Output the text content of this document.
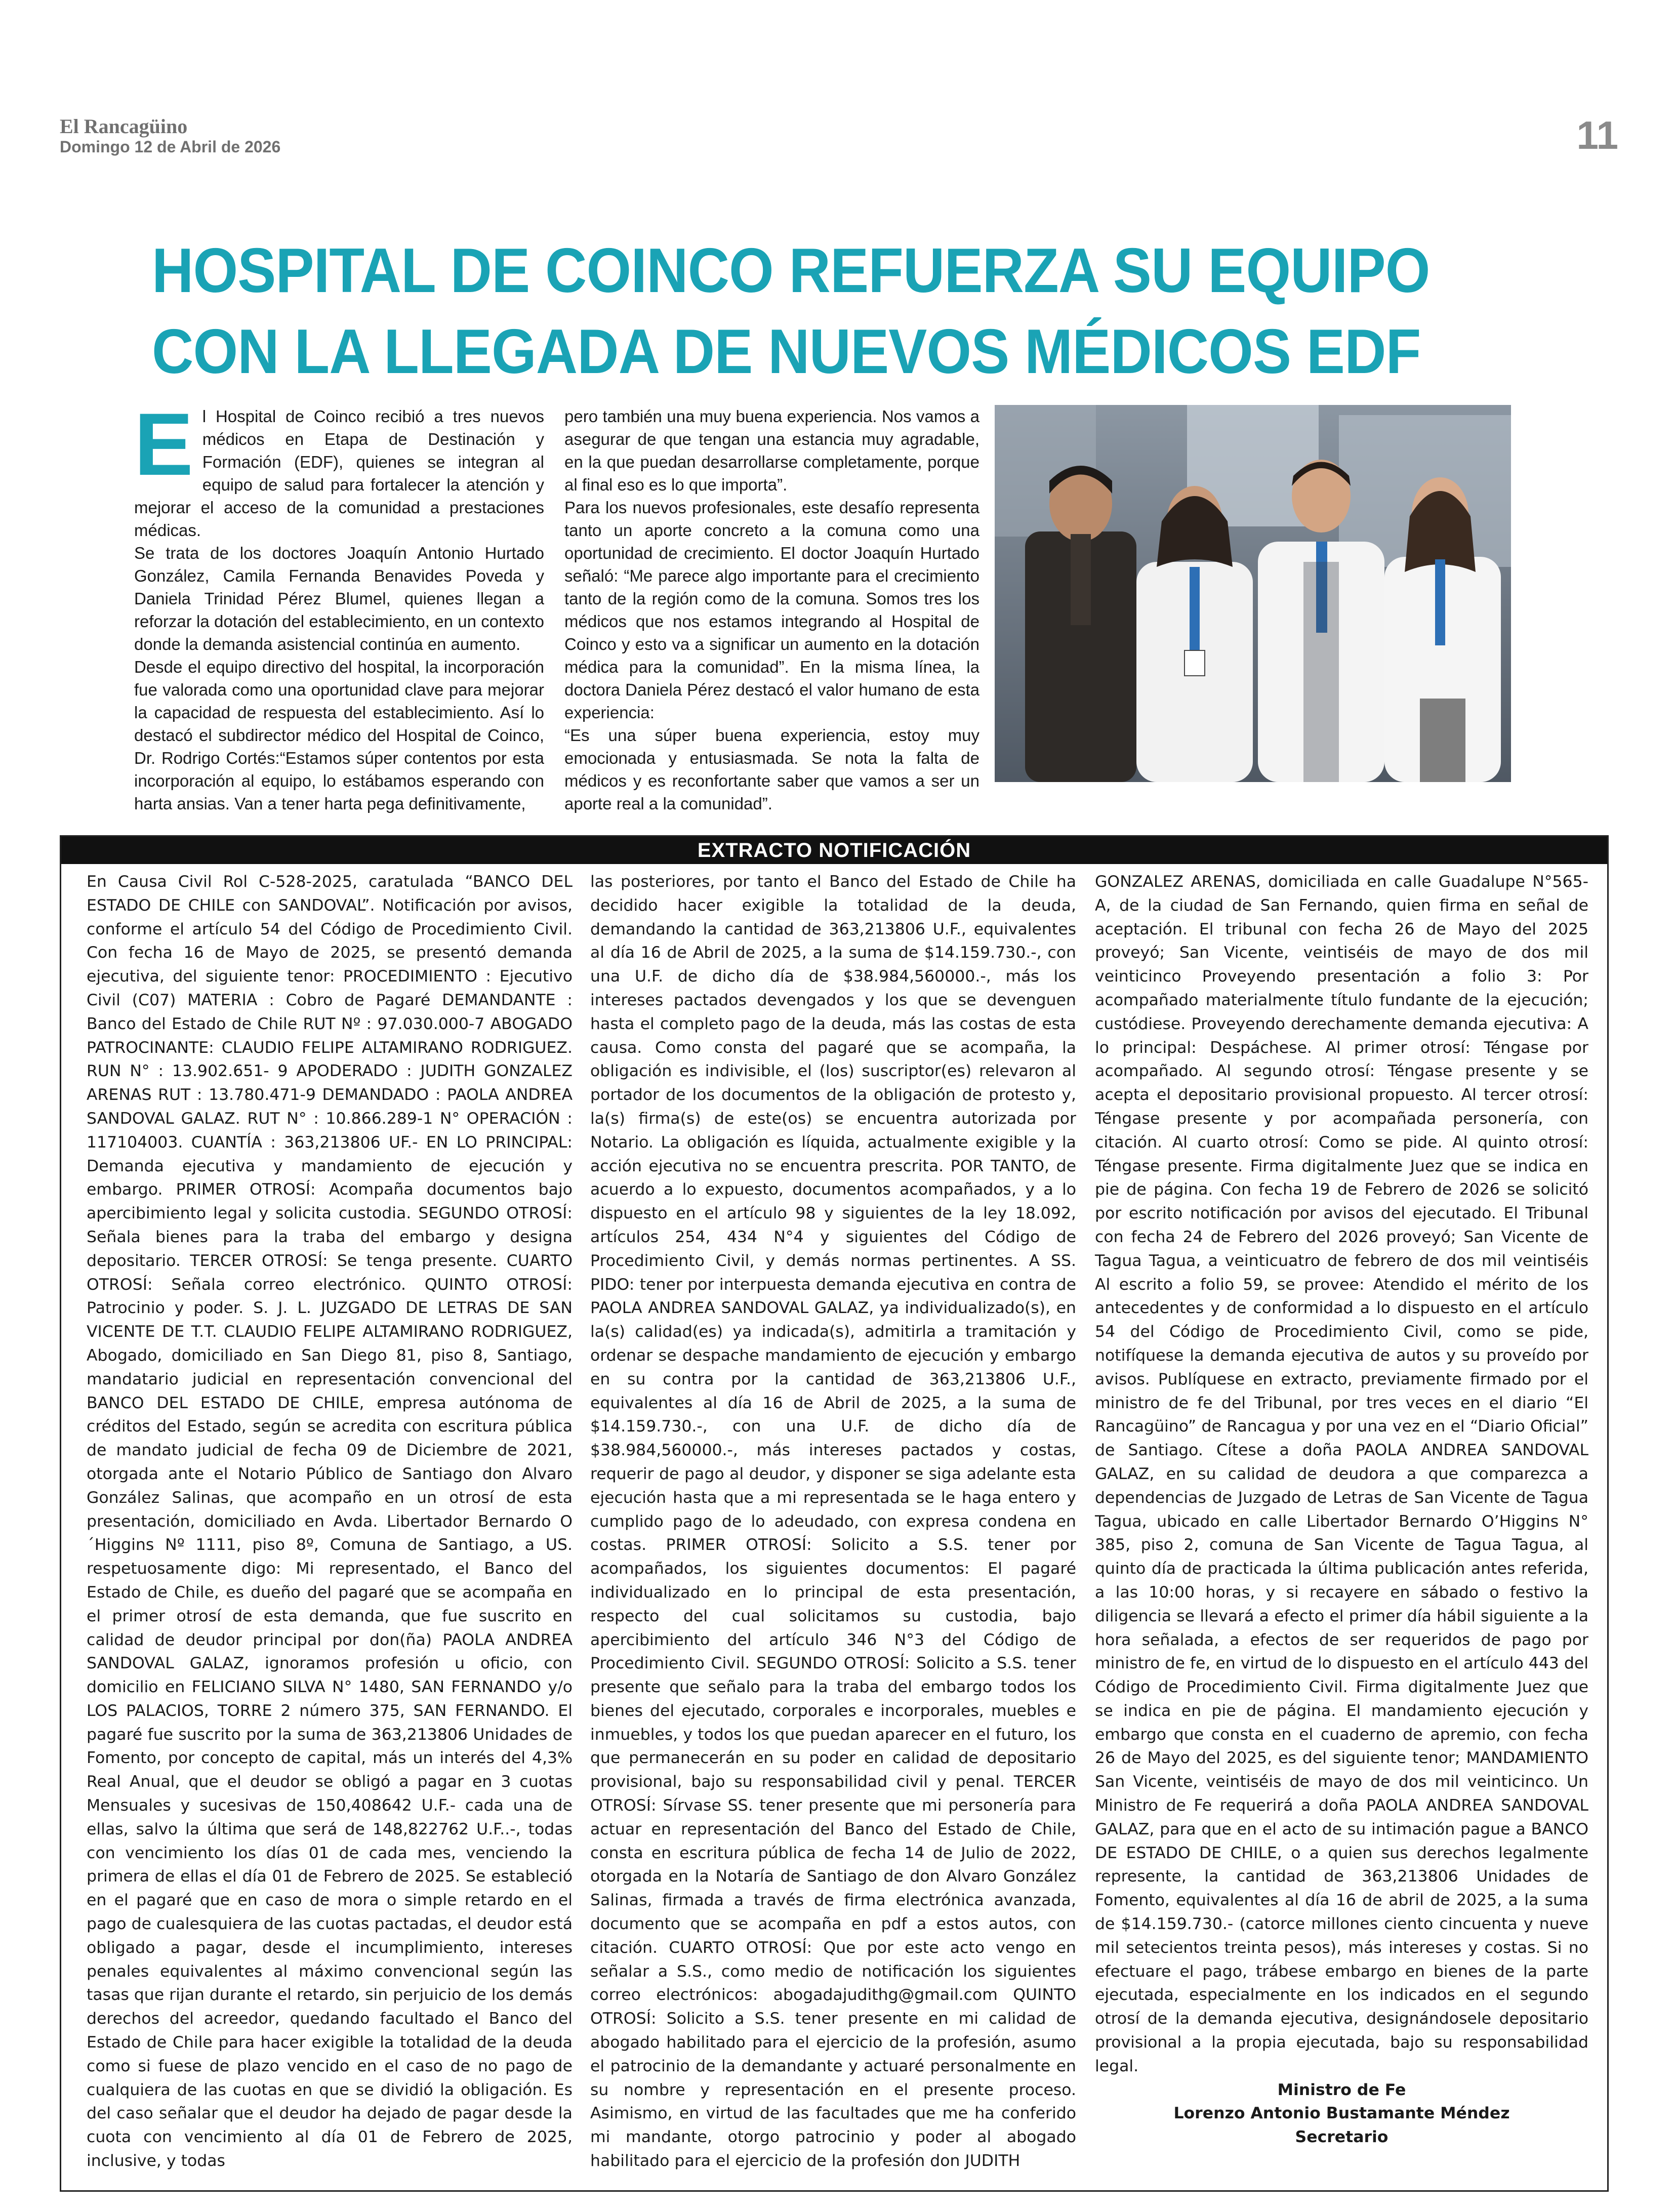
El Rancagüino
Domingo 12 de Abril de 2026	11
HOSPITAL DE COINCO REFUERZA SU EQUIPO
CON LA LLEGADA DE NUEVOS MÉDICOS EDF
E l Hospital de Coinco recibió a tres nuevos médicos en Etapa de Destinación y Formación (EDF), quienes se integran al equipo de salud para fortalecer la atención y mejorar el acceso de la comunidad a prestaciones médicas.

Se trata de los doctores Joaquín Antonio Hurtado González, Camila Fernanda Benavides Poveda y Daniela Trinidad Pérez Blumel, quienes llegan a reforzar la dotación del establecimiento, en un contexto donde la demanda asistencial continúa en aumento.

Desde el equipo directivo del hospital, la incorporación fue valorada como una oportunidad clave para mejorar la capacidad de respuesta del establecimiento. Así lo destacó el subdirector médico del Hospital de Coinco, Dr. Rodrigo Cortés:“Estamos súper contentos por esta incorporación al equipo, lo estábamos esperando con harta ansias. Van a tener harta pega definitivamente,

pero también una muy buena experiencia. Nos vamos a asegurar de que tengan una estancia muy agradable, en la que puedan desarrollarse completamente, porque al final eso es lo que importa”.

Para los nuevos profesionales, este desafío representa tanto un aporte concreto a la comuna como una oportunidad de crecimiento. El doctor Joaquín Hurtado señaló: “Me parece algo importante para el crecimiento tanto de la región como de la comuna. Somos tres los médicos que nos estamos integrando al Hospital de Coinco y esto va a significar un aumento en la dotación médica para la comunidad”. En la misma línea, la doctora Daniela Pérez destacó el valor humano de esta experiencia:

“Es una súper buena experiencia, estoy muy emocionada y entusiasmada. Se nota la falta de médicos y es reconfortante saber que vamos a ser un aporte real a la comunidad”.

EXTRACTO NOTIFICACIÓN

En Causa Civil Rol C-528-2025, caratulada “BANCO DEL ESTADO DE CHILE con SANDOVAL”. Notificación por avisos, conforme el artículo 54 del Código de Procedimiento Civil. Con fecha 16 de Mayo de 2025, se presentó demanda ejecutiva, del siguiente tenor: PROCEDIMIENTO : Ejecutivo Civil (C07) MATERIA : Cobro de Pagaré DEMANDANTE : Banco del Estado de Chile RUT Nº : 97.030.000-7 ABOGADO PATROCINANTE: CLAUDIO FELIPE ALTAMIRANO RODRIGUEZ. RUN N° : 13.902.651- 9 APODERADO : JUDITH GONZALEZ ARENAS RUT : 13.780.471-9 DEMANDADO : PAOLA ANDREA SANDOVAL GALAZ. RUT N° : 10.866.289-1 N° OPERACIÓN : 117104003. CUANTÍA : 363,213806 UF.- EN LO PRINCIPAL: Demanda ejecutiva y mandamiento de ejecución y embargo. PRIMER OTROSÍ: Acompaña documentos bajo apercibimiento legal y solicita custodia. SEGUNDO OTROSÍ: Señala bienes para la traba del embargo y designa depositario. TERCER OTROSÍ: Se tenga presente. CUARTO OTROSÍ: Señala correo electrónico. QUINTO OTROSÍ: Patrocinio y poder. S. J. L. JUZGADO DE LETRAS DE SAN VICENTE DE T.T. CLAUDIO FELIPE ALTAMIRANO RODRIGUEZ, Abogado, domiciliado en San Diego 81, piso 8, Santiago, mandatario judicial en representación convencional del BANCO DEL ESTADO DE CHILE, empresa autónoma de créditos del Estado, según se acredita con escritura pública de mandato judicial de fecha 09 de Diciembre de 2021, otorgada ante el Notario Público de Santiago don Alvaro González Salinas, que acompaño en un otrosí de esta presentación, domiciliado en Avda. Libertador Bernardo O´Higgins Nº 1111, piso 8º, Comuna de Santiago, a US. respetuosamente digo: Mi representado, el Banco del Estado de Chile, es dueño del pagaré que se acompaña en el primer otrosí de esta demanda, que fue suscrito en calidad de deudor principal por don(ña) PAOLA ANDREA SANDOVAL GALAZ, ignoramos profesión u oficio, con domicilio en FELICIANO SILVA N° 1480, SAN FERNANDO y/o LOS PALACIOS, TORRE 2 número 375, SAN FERNANDO. El pagaré fue suscrito por la suma de 363,213806 Unidades de Fomento, por concepto de capital, más un interés del 4,3% Real Anual, que el deudor se obligó a pagar en 3 cuotas Mensuales y sucesivas de 150,408642 U.F.- cada una de ellas, salvo la última que será de 148,822762 U.F..-, todas con vencimiento los días 01 de cada mes, venciendo la primera de ellas el día 01 de Febrero de 2025. Se estableció en el pagaré que en caso de mora o simple retardo en el pago de cualesquiera de las cuotas pactadas, el deudor está obligado a pagar, desde el incumplimiento, intereses penales equivalentes al máximo convencional según las tasas que rijan durante el retardo, sin perjuicio de los demás derechos del acreedor, quedando facultado el Banco del Estado de Chile para hacer exigible la totalidad de la deuda como si fuese de plazo vencido en el caso de no pago de cualquiera de las cuotas en que se dividió la obligación. Es del caso señalar que el deudor ha dejado de pagar desde la cuota con vencimiento al día 01 de Febrero de 2025, inclusive, y todas

las posteriores, por tanto el Banco del Estado de Chile ha decidido hacer exigible la totalidad de la deuda, demandando la cantidad de 363,213806 U.F., equivalentes al día 16 de Abril de 2025, a la suma de $14.159.730.-, con una U.F. de dicho día de $38.984,560000.-, más los intereses pactados devengados y los que se devenguen hasta el completo pago de la deuda, más las costas de esta causa. Como consta del pagaré que se acompaña, la obligación es indivisible, el (los) suscriptor(es) relevaron al portador de los documentos de la obligación de protesto y, la(s) firma(s) de este(os) se encuentra autorizada por Notario. La obligación es líquida, actualmente exigible y la acción ejecutiva no se encuentra prescrita. POR TANTO, de acuerdo a lo expuesto, documentos acompañados, y a lo dispuesto en el artículo 98 y siguientes de la ley 18.092, artículos 254, 434 N°4 y siguientes del Código de Procedimiento Civil, y demás normas pertinentes. A SS. PIDO: tener por interpuesta demanda ejecutiva en contra de PAOLA ANDREA SANDOVAL GALAZ, ya individualizado(s), en la(s) calidad(es) ya indicada(s), admitirla a tramitación y ordenar se despache mandamiento de ejecución y embargo en su contra por la cantidad de 363,213806 U.F., equivalentes al día 16 de Abril de 2025, a la suma de $14.159.730.-, con una U.F. de dicho día de $38.984,560000.-, más intereses pactados y costas, requerir de pago al deudor, y disponer se siga adelante esta ejecución hasta que a mi representada se le haga entero y cumplido pago de lo adeudado, con expresa condena en costas. PRIMER OTROSÍ: Solicito a S.S. tener por acompañados, los siguientes documentos: El pagaré individualizado en lo principal de esta presentación, respecto del cual solicitamos su custodia, bajo apercibimiento del artículo 346 N°3 del Código de Procedimiento Civil. SEGUNDO OTROSÍ: Solicito a S.S. tener presente que señalo para la traba del embargo todos los bienes del ejecutado, corporales e incorporales, muebles e inmuebles, y todos los que puedan aparecer en el futuro, los que permanecerán en su poder en calidad de depositario provisional, bajo su responsabilidad civil y penal. TERCER OTROSÍ: Sírvase SS. tener presente que mi personería para actuar en representación del Banco del Estado de Chile, consta en escritura pública de fecha 14 de Julio de 2022, otorgada en la Notaría de Santiago de don Alvaro González Salinas, firmada a través de firma electrónica avanzada, documento que se acompaña en pdf a estos autos, con citación. CUARTO OTROSÍ: Que por este acto vengo en señalar a S.S., como medio de notificación los siguientes correo electrónicos: abogadajudithg@gmail.com QUINTO OTROSÍ: Solicito a S.S. tener presente en mi calidad de abogado habilitado para el ejercicio de la profesión, asumo el patrocinio de la demandante y actuaré personalmente en su nombre y representación en el presente proceso. Asimismo, en virtud de las facultades que me ha conferido mi mandante, otorgo patrocinio y poder al abogado habilitado para el ejercicio de la profesión don JUDITH

GONZALEZ ARENAS, domiciliada en calle Guadalupe N°565-A, de la ciudad de San Fernando, quien firma en señal de aceptación. El tribunal con fecha 26 de Mayo del 2025 proveyó; San Vicente, veintiséis de mayo de dos mil veinticinco Proveyendo presentación a folio 3: Por acompañado materialmente título fundante de la ejecución; custódiese. Proveyendo derechamente demanda ejecutiva: A lo principal: Despáchese. Al primer otrosí: Téngase por acompañado. Al segundo otrosí: Téngase presente y se acepta el depositario provisional propuesto. Al tercer otrosí: Téngase presente y por acompañada personería, con citación. Al cuarto otrosí: Como se pide. Al quinto otrosí: Téngase presente. Firma digitalmente Juez que se indica en pie de página. Con fecha 19 de Febrero de 2026 se solicitó por escrito notificación por avisos del ejecutado. El Tribunal con fecha 24 de Febrero del 2026 proveyó; San Vicente de Tagua Tagua, a veinticuatro de febrero de dos mil veintiséis Al escrito a folio 59, se provee: Atendido el mérito de los antecedentes y de conformidad a lo dispuesto en el artículo 54 del Código de Procedimiento Civil, como se pide, notifíquese la demanda ejecutiva de autos y su proveído por avisos. Publíquese en extracto, previamente firmado por el ministro de fe del Tribunal, por tres veces en el diario “El Rancagüino” de Rancagua y por una vez en el “Diario Oficial” de Santiago. Cítese a doña PAOLA ANDREA SANDOVAL GALAZ, en su calidad de deudora a que comparezca a dependencias de Juzgado de Letras de San Vicente de Tagua Tagua, ubicado en calle Libertador Bernardo O’Higgins N° 385, piso 2, comuna de San Vicente de Tagua Tagua, al quinto día de practicada la última publicación antes referida, a las 10:00 horas, y si recayere en sábado o festivo la diligencia se llevará a efecto el primer día hábil siguiente a la hora señalada, a efectos de ser requeridos de pago por ministro de fe, en virtud de lo dispuesto en el artículo 443 del Código de Procedimiento Civil. Firma digitalmente Juez que se indica en pie de página. El mandamiento ejecución y embargo que consta en el cuaderno de apremio, con fecha 26 de Mayo del 2025, es del siguiente tenor; MANDAMIENTO San Vicente, veintiséis de mayo de dos mil veinticinco. Un Ministro de Fe requerirá a doña PAOLA ANDREA SANDOVAL GALAZ, para que en el acto de su intimación pague a BANCO DE ESTADO DE CHILE, o a quien sus derechos legalmente represente, la cantidad de 363,213806 Unidades de Fomento, equivalentes al día 16 de abril de 2025, a la suma de $14.159.730.- (catorce millones ciento cincuenta y nueve mil setecientos treinta pesos), más intereses y costas. Si no efectuare el pago, trábese embargo en bienes de la parte ejecutada, especialmente en los indicados en el segundo otrosí de la demanda ejecutiva, designándosele depositario provisional a la propia ejecutada, bajo su responsabilidad legal.

Ministro de Fe

Lorenzo Antonio Bustamante Méndez

Secretario
